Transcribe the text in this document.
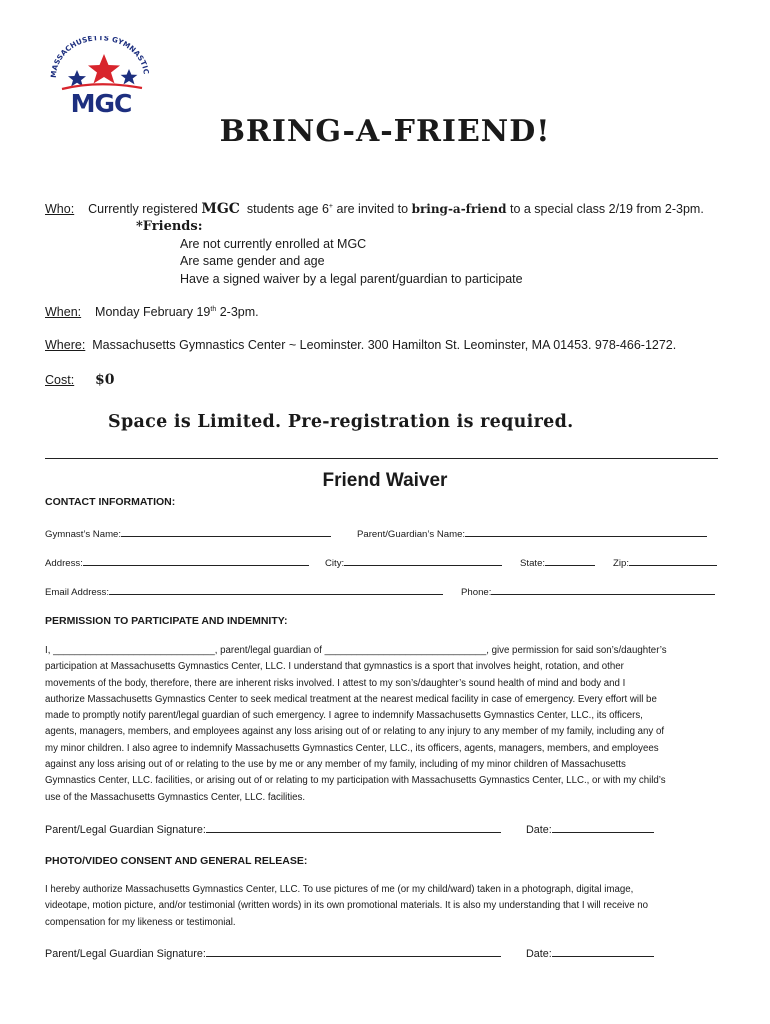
MASSACHUSETTS GYMNASTIC
MGC
BRING-A-FRIEND!
Who: Currently registered MGC students age 6+ are invited to bring-a-friend to a special class 2/19 from 2-3pm.
*Friends:
Are not currently enrolled at MGC
Are same gender and age
Have a signed waiver by a legal parent/guardian to participate
When: Monday February 19th 2-3pm.
Where: Massachusetts Gymnastics Center ~ Leominster. 300 Hamilton St. Leominster, MA 01453. 978-466-1272.
Cost: $0
Space is Limited. Pre-registration is required.
Friend Waiver
CONTACT INFORMATION:
Gymnast’s Name:	Parent/Guardian’s Name:
Address:	City:	State:	Zip:
Email Address:	Phone:
PERMISSION TO PARTICIPATE AND INDEMNITY:
I, ______________________________, parent/legal guardian of ______________________________, give permission for said son’s/daughter’s
participation at Massachusetts Gymnastics Center, LLC. I understand that gymnastics is a sport that involves height, rotation, and other
movements of the body, therefore, there are inherent risks involved. I attest to my son’s/daughter’s sound health of mind and body and I
authorize Massachusetts Gymnastics Center to seek medical treatment at the nearest medical facility in case of emergency. Every effort will be
made to promptly notify parent/legal guardian of such emergency. I agree to indemnify Massachusetts Gymnastics Center, LLC., its officers,
agents, managers, members, and employees against any loss arising out of or relating to any injury to any member of my family, including any of
my minor children. I also agree to indemnify Massachusetts Gymnastics Center, LLC., its officers, agents, managers, members, and employees
against any loss arising out of or relating to the use by me or any member of my family, including of my minor children of Massachusetts
Gymnastics Center, LLC. facilities, or arising out of or relating to my participation with Massachusetts Gymnastics Center, LLC., or with my child’s
use of the Massachusetts Gymnastics Center, LLC. facilities.
Parent/Legal Guardian Signature:	Date:
PHOTO/VIDEO CONSENT AND GENERAL RELEASE:
I hereby authorize Massachusetts Gymnastics Center, LLC. To use pictures of me (or my child/ward) taken in a photograph, digital image,
videotape, motion picture, and/or testimonial (written words) in its own promotional materials. It is also my understanding that I will receive no
compensation for my likeness or testimonial.
Parent/Legal Guardian Signature:	Date:
